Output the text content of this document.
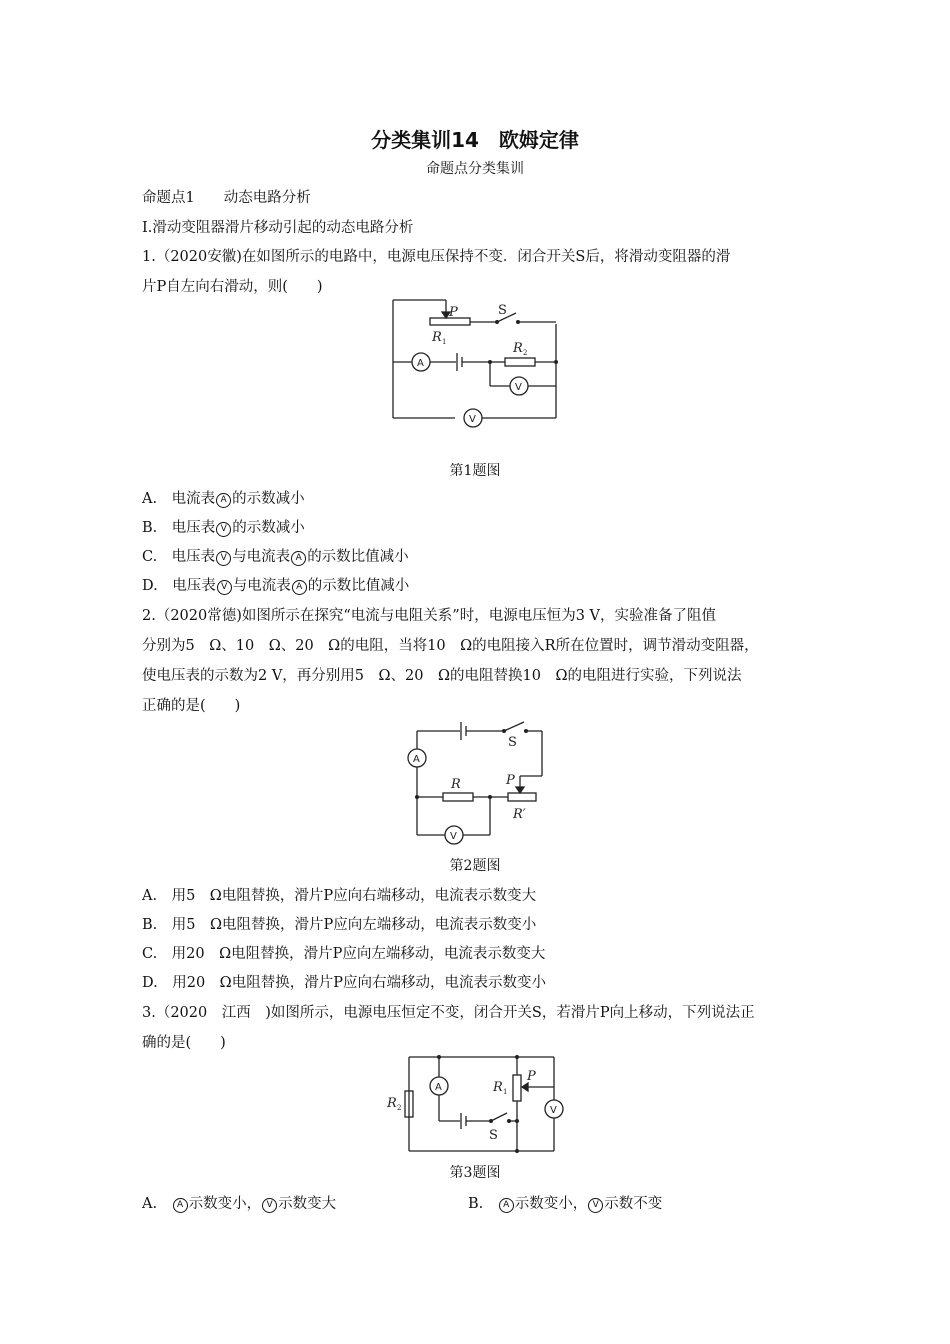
分类集训14　欧姆定律
命题点分类集训
命题点1　　动态电路分析
Ⅰ.滑动变阻器滑片移动引起的动态电路分析
1.（2020安徽)在如图所示的电路中，电源电压保持不变．闭合开关S后，将滑动变阻器的滑
片P自左向右滑动，则(　　)
V
A
V
P	S
R 1	R 2
第1题图
A.　电流表 A 的示数减小
B.　电压表 V 的示数减小
C.　电压表 V 与电流表 A 的示数比值减小
D.　电压表 V 与电流表 A 的示数比值减小
2.（2020常德)如图所示在探究“电流与电阻关系”时，电源电压恒为3 V，实验准备了阻值
分别为5　Ω、10　Ω、20　Ω的电阻，当将10　Ω的电阻接入R所在位置时，调节滑动变阻器，
使电压表的示数为2 V，再分别用5　Ω、20　Ω的电阻替换10　Ω的电阻进行实验，下列说法
正确的是(　　)
A
V
S
R	P
R′
第2题图
A.　用5　Ω电阻替换，滑片P应向右端移动，电流表示数变大
B.　用5　Ω电阻替换，滑片P应向左端移动，电流表示数变小
C.　用20　Ω电阻替换，滑片P应向左端移动，电流表示数变大
D.　用20　Ω电阻替换，滑片P应向右端移动，电流表示数变小
3.（2020　江西　)如图所示，电源电压恒定不变，闭合开关S，若滑片P向上移动，下列说法正
确的是(　　)
A
V
R 2
R 1
P
S
第3题图
A.　A 示数变小， V 示数变大	B.　A 示数变小， V 示数不变
